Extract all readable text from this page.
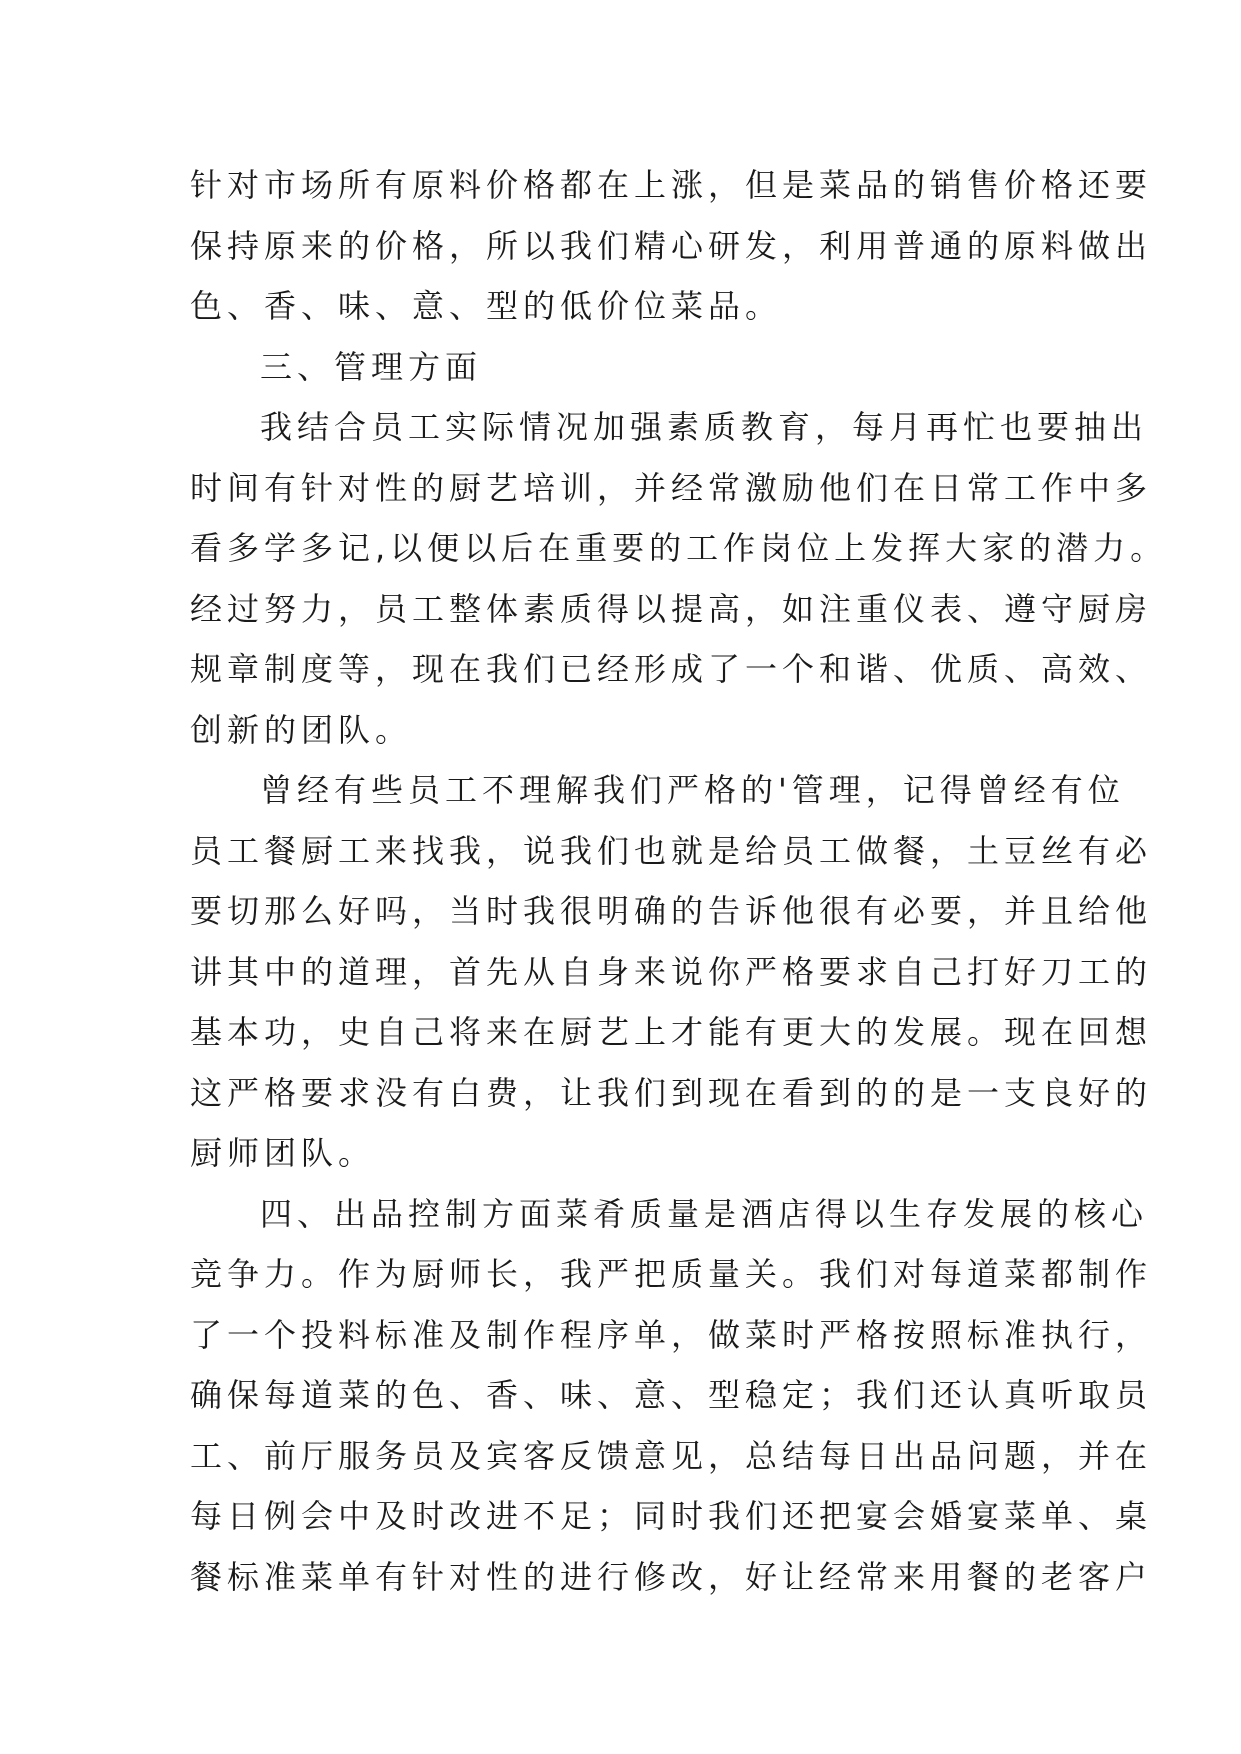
针对市场所有原料价格都在上涨，但是菜品的销售价格还要
保持原来的价格，所以我们精心研发，利用普通的原料做出
色、香、味、意、型的低价位菜品。
三、管理方面
我结合员工实际情况加强素质教育，每月再忙也要抽出
时间有针对性的厨艺培训，并经常激励他们在日常工作中多
看多学多记,以便以后在重要的工作岗位上发挥大家的潜力。
经过努力，员工整体素质得以提高，如注重仪表、遵守厨房
规章制度等，现在我们已经形成了一个和谐、优质、高效、
创新的团队。
曾经有些员工不理解我们严格的'管理，记得曾经有位
员工餐厨工来找我，说我们也就是给员工做餐，土豆丝有必
要切那么好吗，当时我很明确的告诉他很有必要，并且给他
讲其中的道理，首先从自身来说你严格要求自己打好刀工的
基本功，史自己将来在厨艺上才能有更大的发展。现在回想
这严格要求没有白费，让我们到现在看到的的是一支良好的
厨师团队。
四、出品控制方面菜肴质量是酒店得以生存发展的核心
竞争力。作为厨师长，我严把质量关。我们对每道菜都制作
了一个投料标准及制作程序单，做菜时严格按照标准执行，
确保每道菜的色、香、味、意、型稳定；我们还认真听取员
工、前厅服务员及宾客反馈意见，总结每日出品问题，并在
每日例会中及时改进不足；同时我们还把宴会婚宴菜单、桌
餐标准菜单有针对性的进行修改，好让经常来用餐的老客户
